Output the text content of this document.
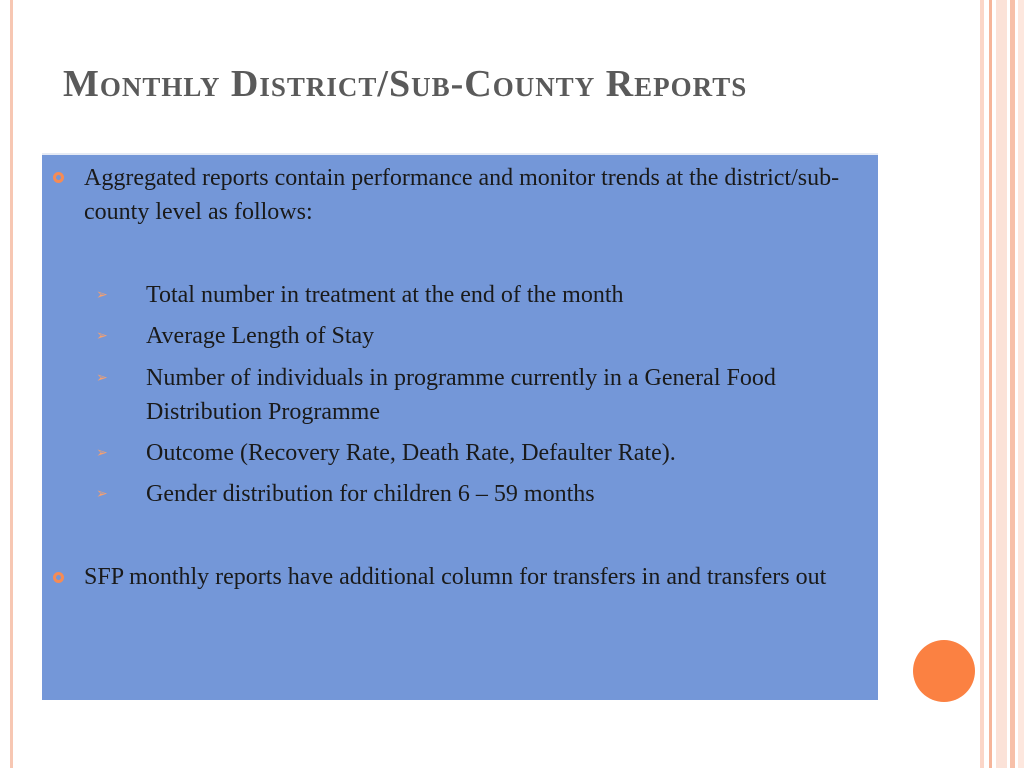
Monthly District/Sub-County Reports

Aggregated reports contain performance and monitor trends at the district/sub-county level as follows:

➢ Total number in treatment at the end of the month

➢ Average Length of Stay

➢ Number of individuals in programme currently in a General Food Distribution Programme

➢ Outcome (Recovery Rate, Death Rate, Defaulter Rate).

➢ Gender distribution for children 6 – 59 months

SFP monthly reports have additional column for transfers in and transfers out
